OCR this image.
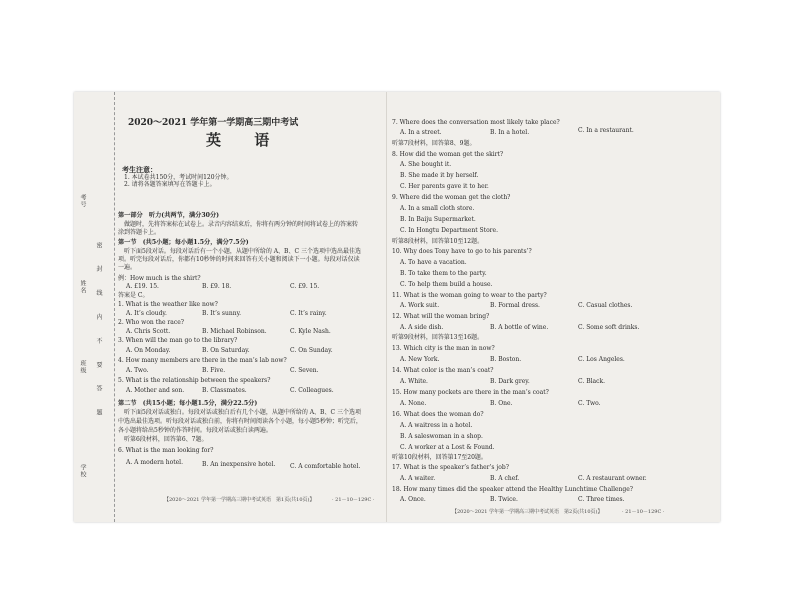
考号
姓名
班级
学校
密 封 线 内 不 要 答 题
2020～2021 学年第一学期高三期中考试
英 语
考生注意：
1. 本试卷共150分，考试时间120分钟。
2. 请将各题答案填写在答题卡上。
第一部分　听力(共两节，满分30分)
做题时，先将答案标在试卷上。录音内容结束后，你将有两分钟的时间将试卷上的答案转
涂到答题卡上。
第一节　(共5小题；每小题1.5分，满分7.5分)
听下面5段对话。每段对话后有一个小题，从题中所给的 A、B、C 三个选项中选出最佳选
项。听完每段对话后，你都有10秒钟的时间来回答有关小题和阅读下一小题。每段对话仅读
一遍。
例：How much is the shirt?
A. £19. 15.	B. £9. 18.	C. £9. 15.
答案是 C。
1. What is the weather like now?
A. It’s cloudy.	B. It’s sunny.	C. It’s rainy.
2. Who won the race?
A. Chris Scott.	B. Michael Robinson.	C. Kyle Nash.
3. When will the man go to the library?
A. On Monday.	B. On Saturday.	C. On Sunday.
4. How many members are there in the man’s lab now?
A. Two.	B. Five.	C. Seven.
5. What is the relationship between the speakers?
A. Mother and son.	B. Classmates.	C. Colleagues.
第二节　(共15小题；每小题1.5分，满分22.5分)
听下面5段对话或独白。每段对话或独白后有几个小题，从题中所给的 A、B、C 三个选项
中选出最佳选项。听每段对话或独白前，你将有时间阅读各个小题，每小题5秒钟；听完后，
各小题将给出5秒钟的作答时间。每段对话或独白读两遍。
听第6段材料，回答第6、7题。
6. What is the man looking for?
A. A modern hotel.	B. An inexpensive hotel. C. A comfortable hotel.
【2020～2021 学年第一学期高三期中考试英语　第1页(共10页)】	· 21－10－129C ·
7. Where does the conversation most likely take place?
A. In a street.	B. In a hotel.	C. In a restaurant.
听第7段材料，回答第8、9题。
8. How did the woman get the skirt?
A. She bought it.
B. She made it by herself.
C. Her parents gave it to her.
9. Where did the woman get the cloth?
A. In a small cloth store.
B. In Baiju Supermarket.
C. In Hongtu Department Store.
听第8段材料，回答第10至12题。
10. Why does Tony have to go to his parents’?
A. To have a vacation.
B. To take them to the party.
C. To help them build a house.
11. What is the woman going to wear to the party?
A. Work suit.	B. Formal dress.	C. Casual clothes.
12. What will the woman bring?
A. A side dish.	B. A bottle of wine.	C. Some soft drinks.
听第9段材料，回答第13至16题。
13. Which city is the man in now?
A. New York.	B. Boston.	C. Los Angeles.
14. What color is the man’s coat?
A. White.	B. Dark grey.	C. Black.
15. How many pockets are there in the man’s coat?
A. None.	B. One.	C. Two.
16. What does the woman do?
A. A waitress in a hotel.
B. A saleswoman in a shop.
C. A worker at a Lost & Found.
听第10段材料，回答第17至20题。
17. What is the speaker’s father’s job?
A. A waiter.	B. A chef.	C. A restaurant owner.
18. How many times did the speaker attend the Healthy Lunchtime Challenge?
A. Once.	B. Twice.	C. Three times.
【2020～2021 学年第一学期高三期中考试英语　第2页(共10页)】	· 21－10－129C ·
